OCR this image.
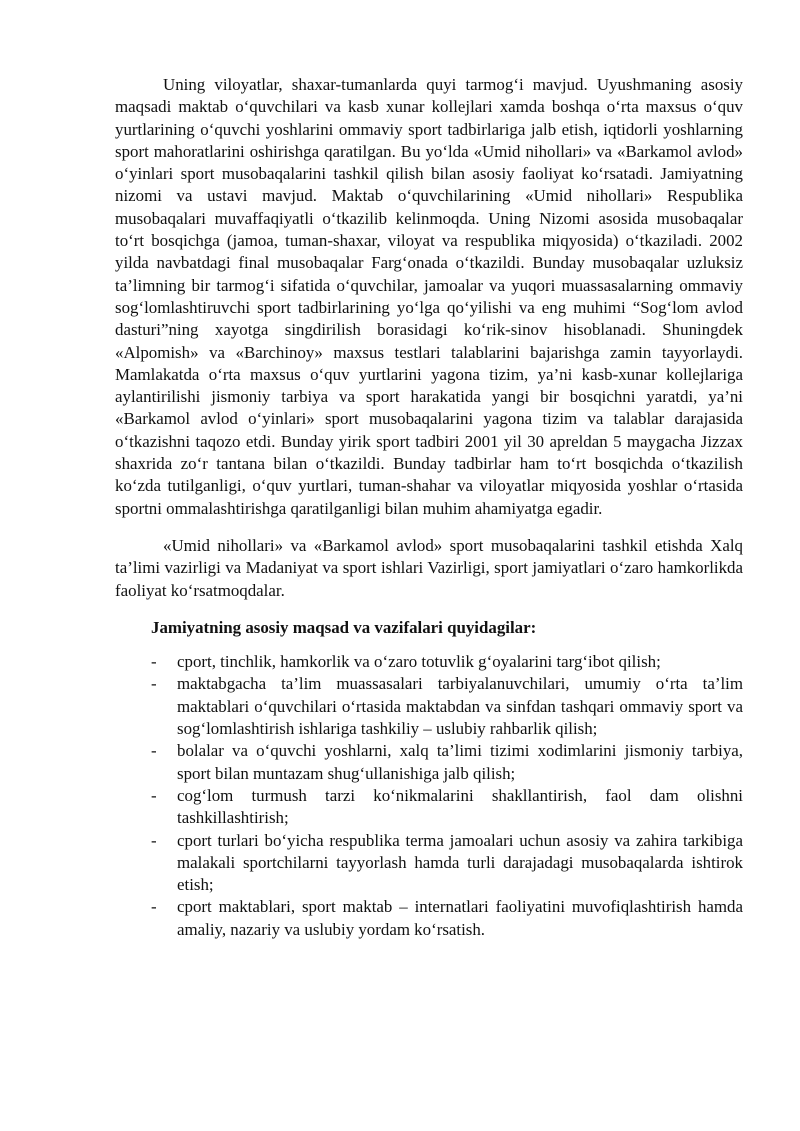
Uning viloyatlar, shaxar-tumanlarda quyi tarmog‘i mavjud. Uyushmaning asosiy maqsadi maktab o‘quvchilari va kasb xunar kollejlari xamda boshqa o‘rta maxsus o‘quv yurtlarining o‘quvchi yoshlarini ommaviy sport tadbirlariga jalb etish, iqtidorli yoshlarning sport mahoratlarini oshirishga qaratilgan. Bu yo‘lda «Umid nihollari» va «Barkamol avlod» o‘yinlari sport musobaqalarini tashkil qilish bilan asosiy faoliyat ko‘rsatadi. Jamiyatning nizomi va ustavi mavjud. Maktab o‘quvchilarining «Umid nihollari» Respublika musobaqalari muvaffaqiyatli o‘tkazilib kelinmoqda. Uning Nizomi asosida musobaqalar to‘rt bosqichga (jamoa, tuman-shaxar, viloyat va respublika miqyosida) o‘tkaziladi. 2002 yilda navbatdagi final musobaqalar Farg‘onada o‘tkazildi. Bunday musobaqalar uzluksiz ta’limning bir tarmog‘i sifatida o‘quvchilar, jamoalar va yuqori muassasalarning ommaviy sog‘lomlashtiruvchi sport tadbirlarining yo‘lga qo‘yilishi va eng muhimi “Sog‘lom avlod dasturi”ning xayotga singdirilish borasidagi ko‘rik-sinov hisoblanadi. Shuningdek «Alpomish» va «Barchinoy» maxsus testlari talablarini bajarishga zamin tayyorlaydi. Mamlakatda o‘rta maxsus o‘quv yurtlarini yagona tizim, ya’ni kasb-xunar kollejlariga aylantirilishi jismoniy tarbiya va sport harakatida yangi bir bosqichni yaratdi, ya’ni «Barkamol avlod o‘yinlari» sport musobaqalarini yagona tizim va talablar darajasida o‘tkazishni taqozo etdi. Bunday yirik sport tadbiri 2001 yil 30 apreldan 5 maygacha Jizzax shaxrida zo‘r tantana bilan o‘tkazildi. Bunday tadbirlar ham to‘rt bosqichda o‘tkazilish ko‘zda tutilganligi, o‘quv yurtlari, tuman-shahar va viloyatlar miqyosida yoshlar o‘rtasida sportni ommalashtirishga qaratilganligi bilan muhim ahamiyatga egadir.

«Umid nihollari» va «Barkamol avlod» sport musobaqalarini tashkil etishda Xalq ta’limi vazirligi va Madaniyat va sport ishlari Vazirligi, sport jamiyatlari o‘zaro hamkorlikda faoliyat ko‘rsatmoqdalar.

Jamiyatning asosiy maqsad va vazifalari quyidagilar:

- cport, tinchlik, hamkorlik va o‘zaro totuvlik g‘oyalarini targ‘ibot qilish;
- maktabgacha ta’lim muassasalari tarbiyalanuvchilari, umumiy o‘rta ta’lim maktablari o‘quvchilari o‘rtasida maktabdan va sinfdan tashqari ommaviy sport va sog‘lomlashtirish ishlariga tashkiliy – uslubiy rahbarlik qilish;
- bolalar va o‘quvchi yoshlarni, xalq ta’limi tizimi xodimlarini jismoniy tarbiya, sport bilan muntazam shug‘ullanishiga jalb qilish;
- cog‘lom turmush tarzi ko‘nikmalarini shakllantirish, faol dam olishni tashkillashtirish;
- cport turlari bo‘yicha respublika terma jamoalari uchun asosiy va zahira tarkibiga malakali sportchilarni tayyorlash hamda turli darajadagi musobaqalarda ishtirok etish;
- cport maktablari, sport maktab – internatlari faoliyatini muvofiqlashtirish hamda amaliy, nazariy va uslubiy yordam ko‘rsatish.
